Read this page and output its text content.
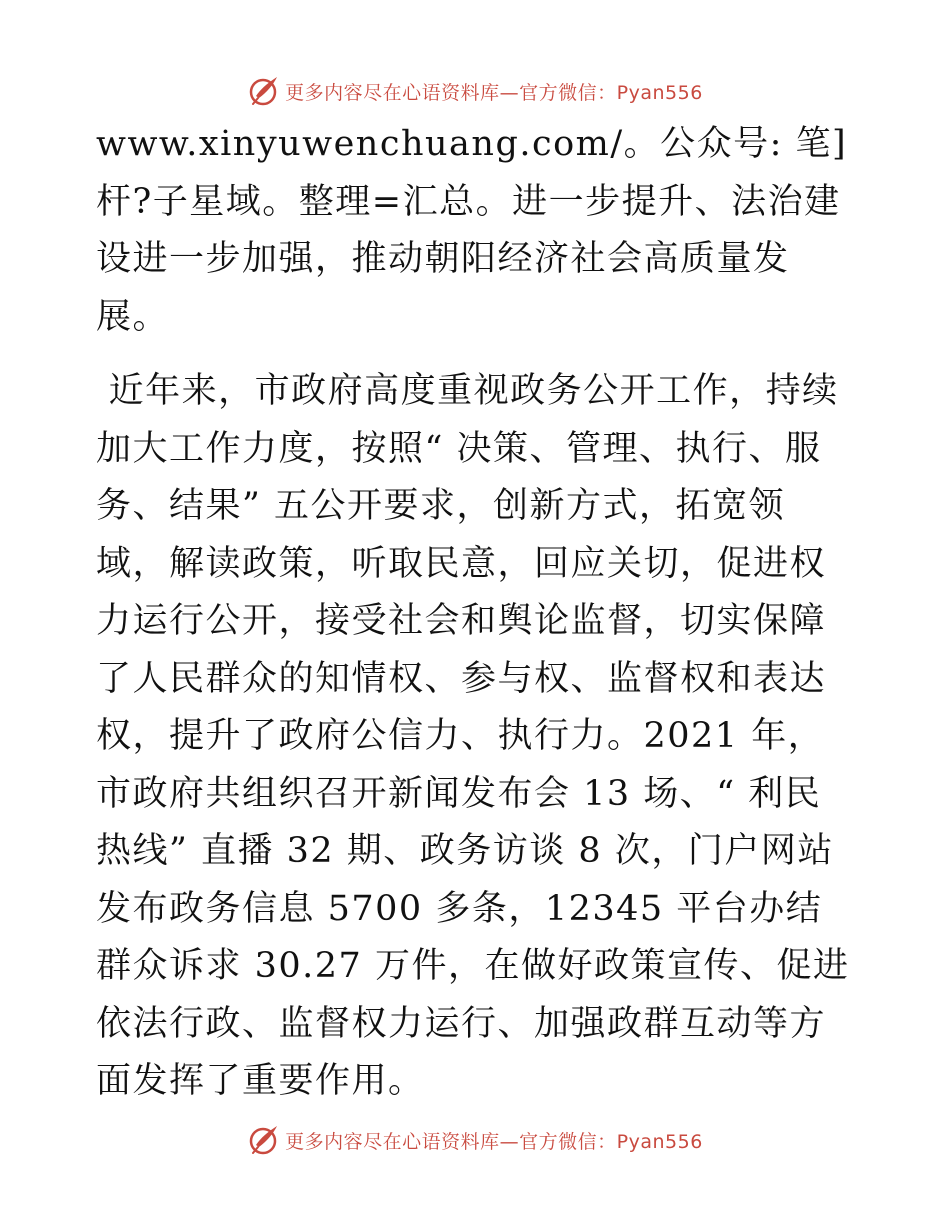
更多内容尽在心语资料库—官方微信：Pyan556

www.xinyuwenchuang.com/。公众号: 笔]杆?子星域。整理=汇总。进一步提升、法治建设进一步加强，推动朝阳经济社会高质量发展。

近年来，市政府高度重视政务公开工作，持续加大工作力度，按照“ 决策、管理、执行、服务、结果” 五公开要求，创新方式，拓宽领域，解读政策，听取民意，回应关切，促进权力运行公开，接受社会和舆论监督，切实保障了人民群众的知情权、参与权、监督权和表达权，提升了政府公信力、执行力。2021 年，市政府共组织召开新闻发布会 13 场、“ 利民热线” 直播 32 期、政务访谈 8 次，门户网站发布政务信息 5700 多条，12345 平台办结群众诉求 30.27 万件，在做好政策宣传、促进依法行政、监督权力运行、加强政群互动等方面发挥了重要作用。

更多内容尽在心语资料库—官方微信：Pyan556
